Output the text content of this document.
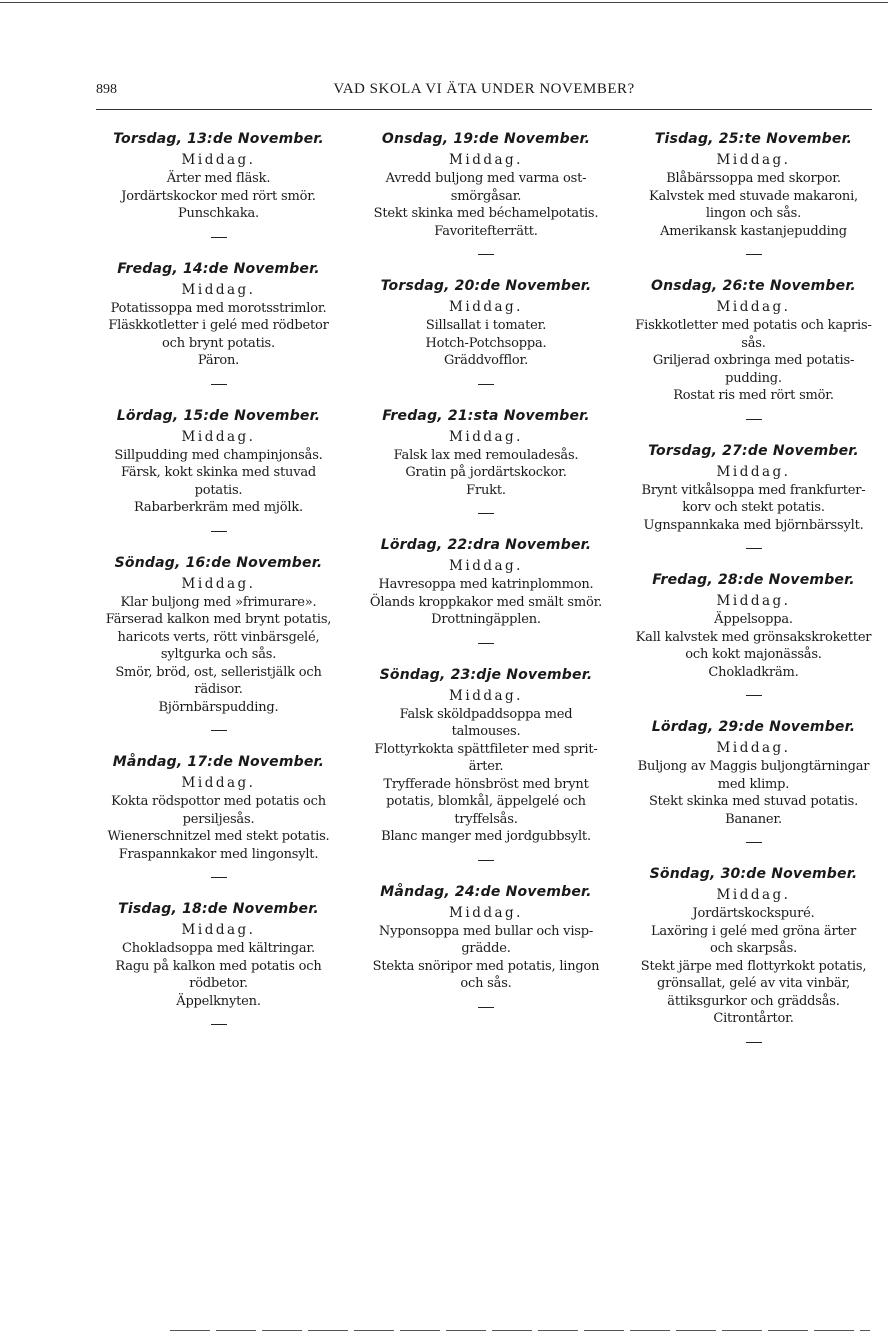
898	VAD SKOLA VI ÄTA UNDER NOVEMBER?
Torsdag, 13:de November.
Middag.
Ärter med fläsk.
Jordärtskockor med rört smör.
Punschkaka.
Fredag, 14:de November.
Middag.
Potatissoppa med morotsstrimlor.
Fläskkotletter i gelé med rödbetor
och brynt potatis.
Päron.
Lördag, 15:de November.
Middag.
Sillpudding med champinjonsås.
Färsk, kokt skinka med stuvad
potatis.
Rabarberkräm med mjölk.
Söndag, 16:de November.
Middag.
Klar buljong med »frimurare».
Färserad kalkon med brynt potatis,
haricots verts, rött vinbärsgelé,
syltgurka och sås.
Smör, bröd, ost, selleristjälk och
rädisor.
Björnbärspudding.
Måndag, 17:de November.
Middag.
Kokta rödspottor med potatis och
persiljesås.
Wienerschnitzel med stekt potatis.
Fraspannkakor med lingonsylt.
Tisdag, 18:de November.
Middag.
Chokladsoppa med kältringar.
Ragu på kalkon med potatis och
rödbetor.
Äppelknyten.
Onsdag, 19:de November.
Middag.
Avredd buljong med varma ost-
smörgåsar.
Stekt skinka med béchamelpotatis.
Favoritefterrätt.
Torsdag, 20:de November.
Middag.
Sillsallat i tomater.
Hotch-Potchsoppa.
Gräddvofflor.
Fredag, 21:sta November.
Middag.
Falsk lax med remouladesås.
Gratin på jordärtskockor.
Frukt.
Lördag, 22:dra November.
Middag.
Havresoppa med katrinplommon.
Ölands kroppkakor med smält smör.
Drottningäpplen.
Söndag, 23:dje November.
Middag.
Falsk sköldpaddsoppa med
talmouses.
Flottyrkokta spättfileter med sprit-
ärter.
Tryfferade hönsbröst med brynt
potatis, blomkål, äppelgelé och
tryffelsås.
Blanc manger med jordgubbsylt.
Måndag, 24:de November.
Middag.
Nyponsoppa med bullar och visp-
grädde.
Stekta snöripor med potatis, lingon
och sås.
Tisdag, 25:te November.
Middag.
Blåbärssoppa med skorpor.
Kalvstek med stuvade makaroni,
lingon och sås.
Amerikansk kastanjepudding
Onsdag, 26:te November.
Middag.
Fiskkotletter med potatis och kapris-
sås.
Griljerad oxbringa med potatis-
pudding.
Rostat ris med rört smör.
Torsdag, 27:de November.
Middag.
Brynt vitkålsoppa med frankfurter-
korv och stekt potatis.
Ugnspannkaka med björnbärssylt.
Fredag, 28:de November.
Middag.
Äppelsoppa.
Kall kalvstek med grönsakskroketter
och kokt majonässås.
Chokladkräm.
Lördag, 29:de November.
Middag.
Buljong av Maggis buljongtärningar
med klimp.
Stekt skinka med stuvad potatis.
Bananer.
Söndag, 30:de November.
Middag.
Jordärtskockspuré.
Laxöring i gelé med gröna ärter
och skarpsås.
Stekt järpe med flottyrkokt potatis,
grönsallat, gelé av vita vinbär,
ättiksgurkor och gräddsås.
Citrontårtor.
